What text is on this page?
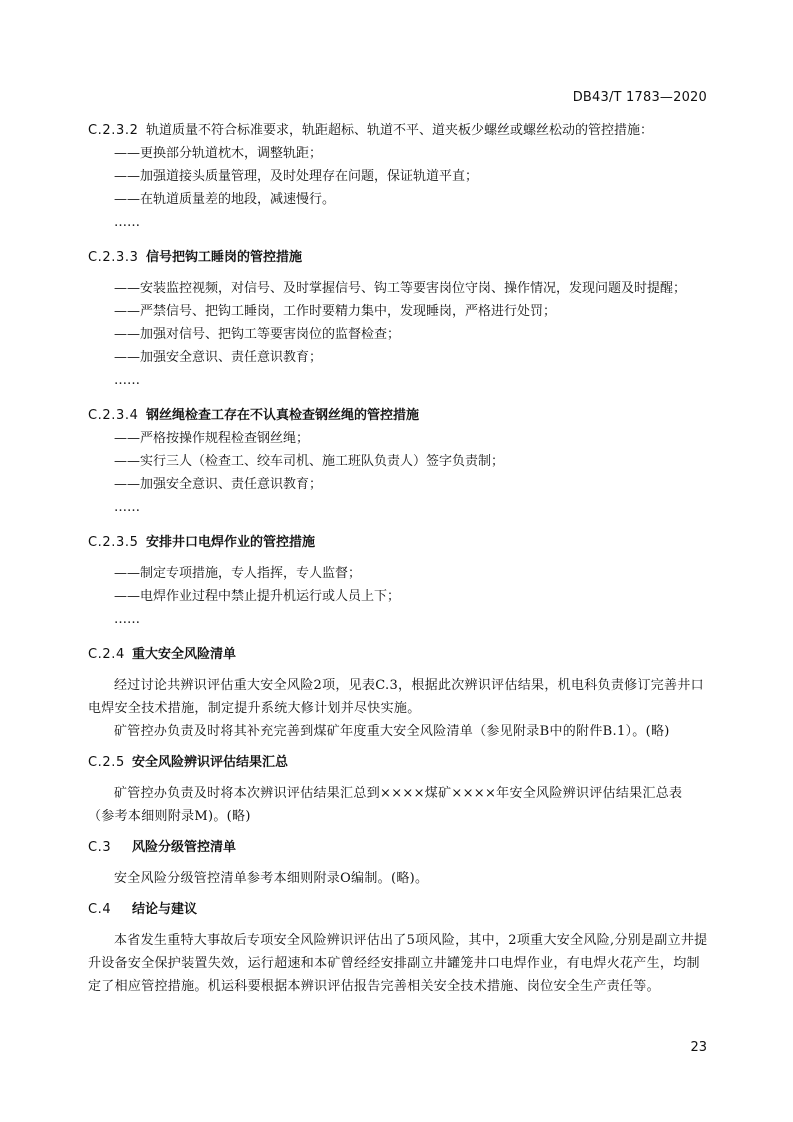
DB43/T 1783—2020
C.2.3.2 轨道质量不符合标准要求，轨距超标、轨道不平、道夹板少螺丝或螺丝松动的管控措施：
——更换部分轨道枕木，调整轨距；
——加强道接头质量管理，及时处理存在问题，保证轨道平直；
——在轨道质量差的地段，减速慢行。
……
C.2.3.3 信号把钩工睡岗的管控措施
——安装监控视频，对信号、及时掌握信号、钩工等要害岗位守岗、操作情况，发现问题及时提醒；
——严禁信号、把钩工睡岗，工作时要精力集中，发现睡岗，严格进行处罚；
——加强对信号、把钩工等要害岗位的监督检查；
——加强安全意识、责任意识教育；
……
C.2.3.4 钢丝绳检查工存在不认真检查钢丝绳的管控措施
——严格按操作规程检查钢丝绳；
——实行三人（检查工、绞车司机、施工班队负责人）签字负责制；
——加强安全意识、责任意识教育；
……
C.2.3.5 安排井口电焊作业的管控措施
——制定专项措施，专人指挥，专人监督；
——电焊作业过程中禁止提升机运行或人员上下；
……
C.2.4 重大安全风险清单

经过讨论共辨识评估重大安全风险2项，见表C.3，根据此次辨识评估结果，机电科负责修订完善井口电焊安全技术措施，制定提升系统大修计划并尽快实施。

矿管控办负责及时将其补充完善到煤矿年度重大安全风险清单（参见附录B中的附件B.1）。(略)

C.2.5 安全风险辨识评估结果汇总

矿管控办负责及时将本次辨识评估结果汇总到××××煤矿××××年安全风险辨识评估结果汇总表（参考本细则附录M)。(略)

C.3 风险分级管控清单

安全风险分级管控清单参考本细则附录O编制。(略)。

C.4 结论与建议

本省发生重特大事故后专项安全风险辨识评估出了5项风险，其中，2项重大安全风险,分别是副立井提升设备安全保护装置失效，运行超速和本矿曾经经安排副立井罐笼井口电焊作业，有电焊火花产生，均制定了相应管控措施。机运科要根据本辨识评估报告完善相关安全技术措施、岗位安全生产责任等。

23
